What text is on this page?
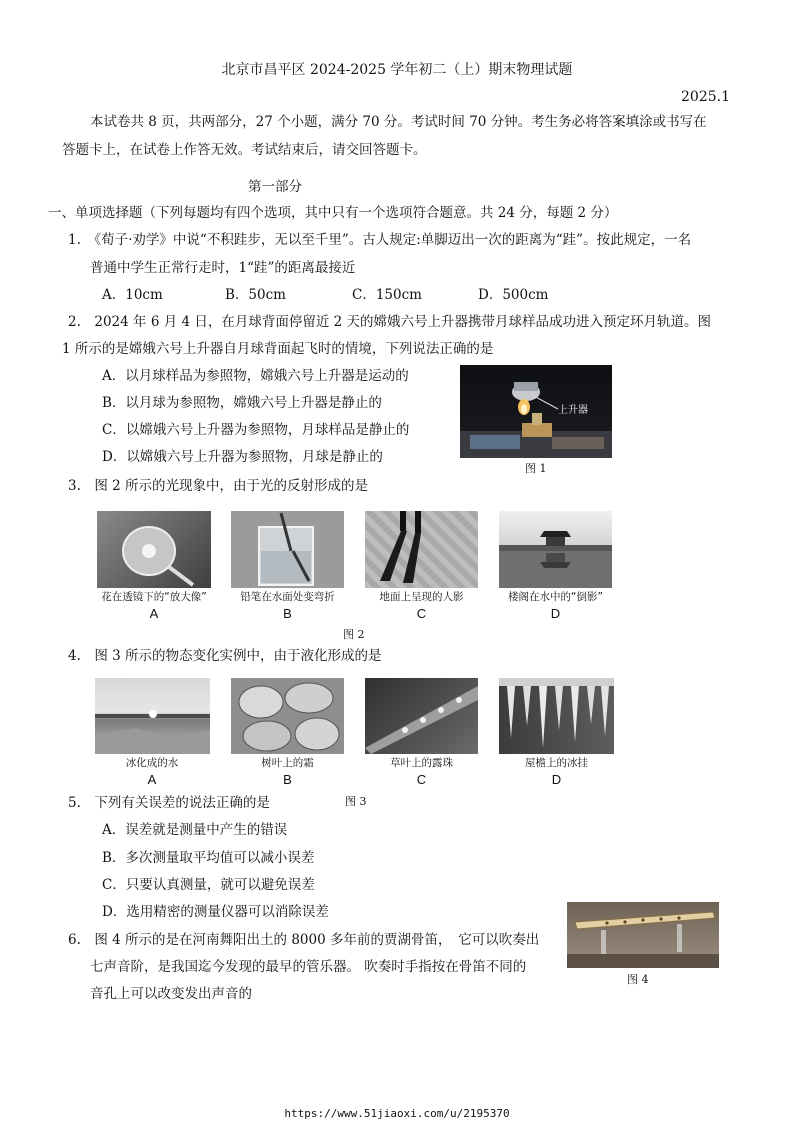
北京市昌平区 2024-2025 学年初二（上）期末物理试题
2025.1
本试卷共 8 页，共两部分，27 个小题，满分 70 分。考试时间 70 分钟。考生务必将答案填涂或书写在
答题卡上，在试卷上作答无效。考试结束后，请交回答题卡。
第一部分
一、单项选择题（下列每题均有四个选项，其中只有一个选项符合题意。共 24 分，每题 2 分）
1.　《荀子·劝学》中说“不积跬步，无以至千里”。古人规定:单脚迈出一次的距离为“跬”。按此规定，一名
普通中学生正常行走时，1“跬”的距离最接近
A．10cm	B．50cm	C．150cm	D．500cm
2.　2024 年 6 月 4 日，在月球背面停留近 2 天的嫦娥六号上升器携带月球样品成功进入预定环月轨道。图
1 所示的是嫦娥六号上升器自月球背面起飞时的情境，下列说法正确的是
A．以月球样品为参照物，嫦娥六号上升器是运动的
B．以月球为参照物，嫦娥六号上升器是静止的
C．以嫦娥六号上升器为参照物，月球样品是静止的
D．以嫦娥六号上升器为参照物，月球是静止的
上升器
图 1
3.　图 2 所示的光现象中，由于光的反射形成的是
花在透镜下的“放大像”	铅笔在水面处变弯折	地面上呈现的人影	楼阁在水中的“倒影”
A	B	C	D
图 2
4.　图 3 所示的物态变化实例中，由于液化形成的是
冰化成的水	树叶上的霜	草叶上的露珠	屋檐上的冰挂
A	B	C	D
5.　下列有关误差的说法正确的是	图 3
A．误差就是测量中产生的错误
B．多次测量取平均值可以减小误差
C．只要认真测量，就可以避免误差
D．选用精密的测量仪器可以消除误差
6.　图 4 所示的是在河南舞阳出土的 8000 多年前的贾湖骨笛，　它可以吹奏出
七声音阶，是我国迄今发现的最早的管乐器。 吹奏时手指按在骨笛不同的
音孔上可以改变发出声音的
图 4
https://www.51jiaoxi.com/u/2195370
